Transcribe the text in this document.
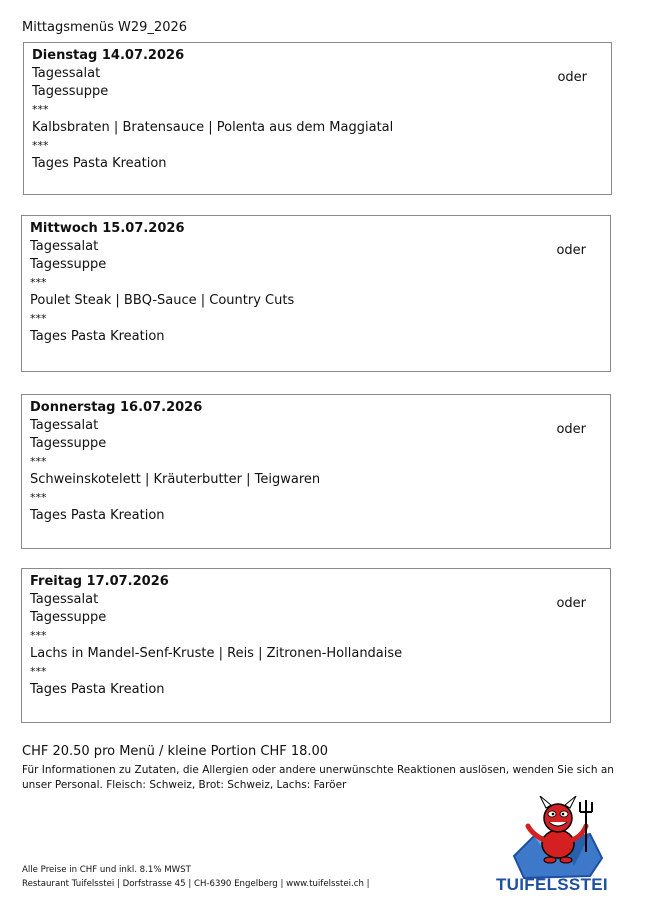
Mittagsmenüs W29_2026
Dienstag 14.07.2026
Tagessalat	oder
Tagessuppe
***
Kalbsbraten | Bratensauce | Polenta aus dem Maggiatal
***
Tages Pasta Kreation
Mittwoch 15.07.2026
Tagessalat	oder
Tagessuppe
***
Poulet Steak | BBQ-Sauce | Country Cuts
***
Tages Pasta Kreation
Donnerstag 16.07.2026
Tagessalat	oder
Tagessuppe
***
Schweinskotelett | Kräuterbutter | Teigwaren
***
Tages Pasta Kreation
Freitag 17.07.2026
Tagessalat	oder
Tagessuppe
***
Lachs in Mandel-Senf-Kruste | Reis | Zitronen-Hollandaise
***
Tages Pasta Kreation
CHF 20.50 pro Menü / kleine Portion CHF 18.00
Für Informationen zu Zutaten, die Allergien oder andere unerwünschte Reaktionen auslösen, wenden Sie sich an unser Personal. Fleisch: Schweiz, Brot: Schweiz, Lachs: Faröer
Alle Preise in CHF und inkl. 8.1% MWST
Restaurant Tuifelsstei | Dorfstrasse 45 | CH-6390 Engelberg | www.tuifelsstei.ch |	TUIFELSSTEI
